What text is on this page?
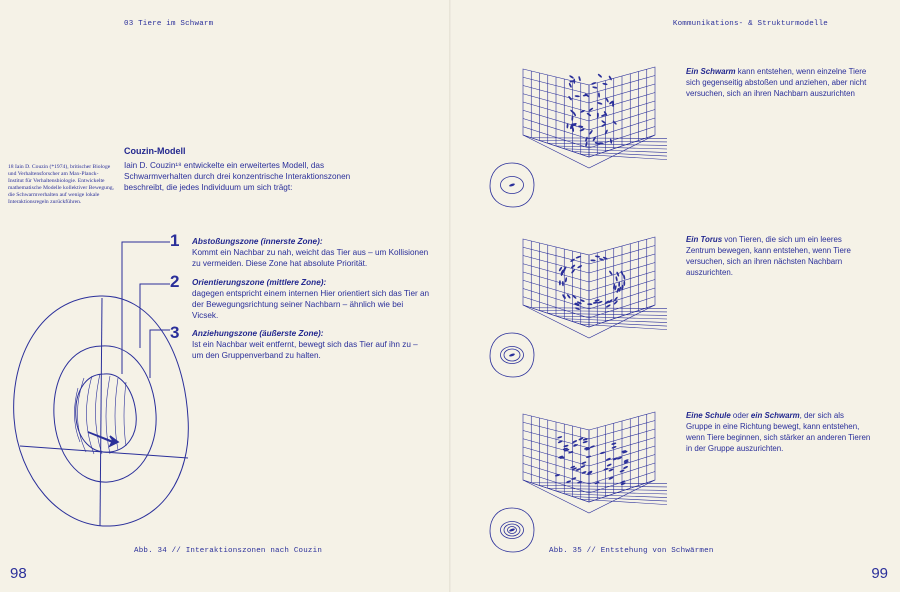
03 Tiere im Schwarm
18 Iain D. Couzin (*1974), britischer Biologe und Verhaltensforscher am Max-Planck-Institut für Verhaltensbiologie. Entwickelte mathematische Modelle kollektiver Bewegung, die Schwarmverhalten auf wenige lokale Interaktionsregeln zurückführen.
Couzin-Modell
Iain D. Couzin¹⁸ entwickelte ein erweitertes Modell, das Schwarmverhalten durch drei konzentrische Interaktionszonen beschreibt, die jedes Individuum um sich trägt:
1 Abstoßungszone (innerste Zone):
Kommt ein Nachbar zu nah, weicht das Tier aus – um Kollisionen zu vermeiden. Diese Zone hat absolute Priorität.
2 Orientierungszone (mittlere Zone):
dagegen entspricht einem internen Hier orientiert sich das Tier an der Bewegungsrichtung seiner Nachbarn – ähnlich wie bei Vicsek.
3 Anziehungszone (äußerste Zone):
Ist ein Nachbar weit entfernt, bewegt sich das Tier auf ihn zu – um den Gruppenverband zu halten.
Abb. 34 // Interaktionszonen nach Couzin
98
Kommunikations- & Strukturmodelle
Ein Schwarm kann entstehen, wenn einzelne Tiere sich gegenseitig abstoßen und anziehen, aber nicht versuchen, sich an ihren Nachbarn auszurichten
Ein Torus von Tieren, die sich um ein leeres Zentrum bewegen, kann entstehen, wenn Tiere versuchen, sich an ihren nächsten Nachbarn auszurichten.
Eine Schule oder ein Schwarm, der sich als Gruppe in eine Richtung bewegt, kann entstehen, wenn Tiere beginnen, sich stärker an anderen Tieren in der Gruppe auszurichten.
Abb. 35 // Entstehung von Schwärmen
99
